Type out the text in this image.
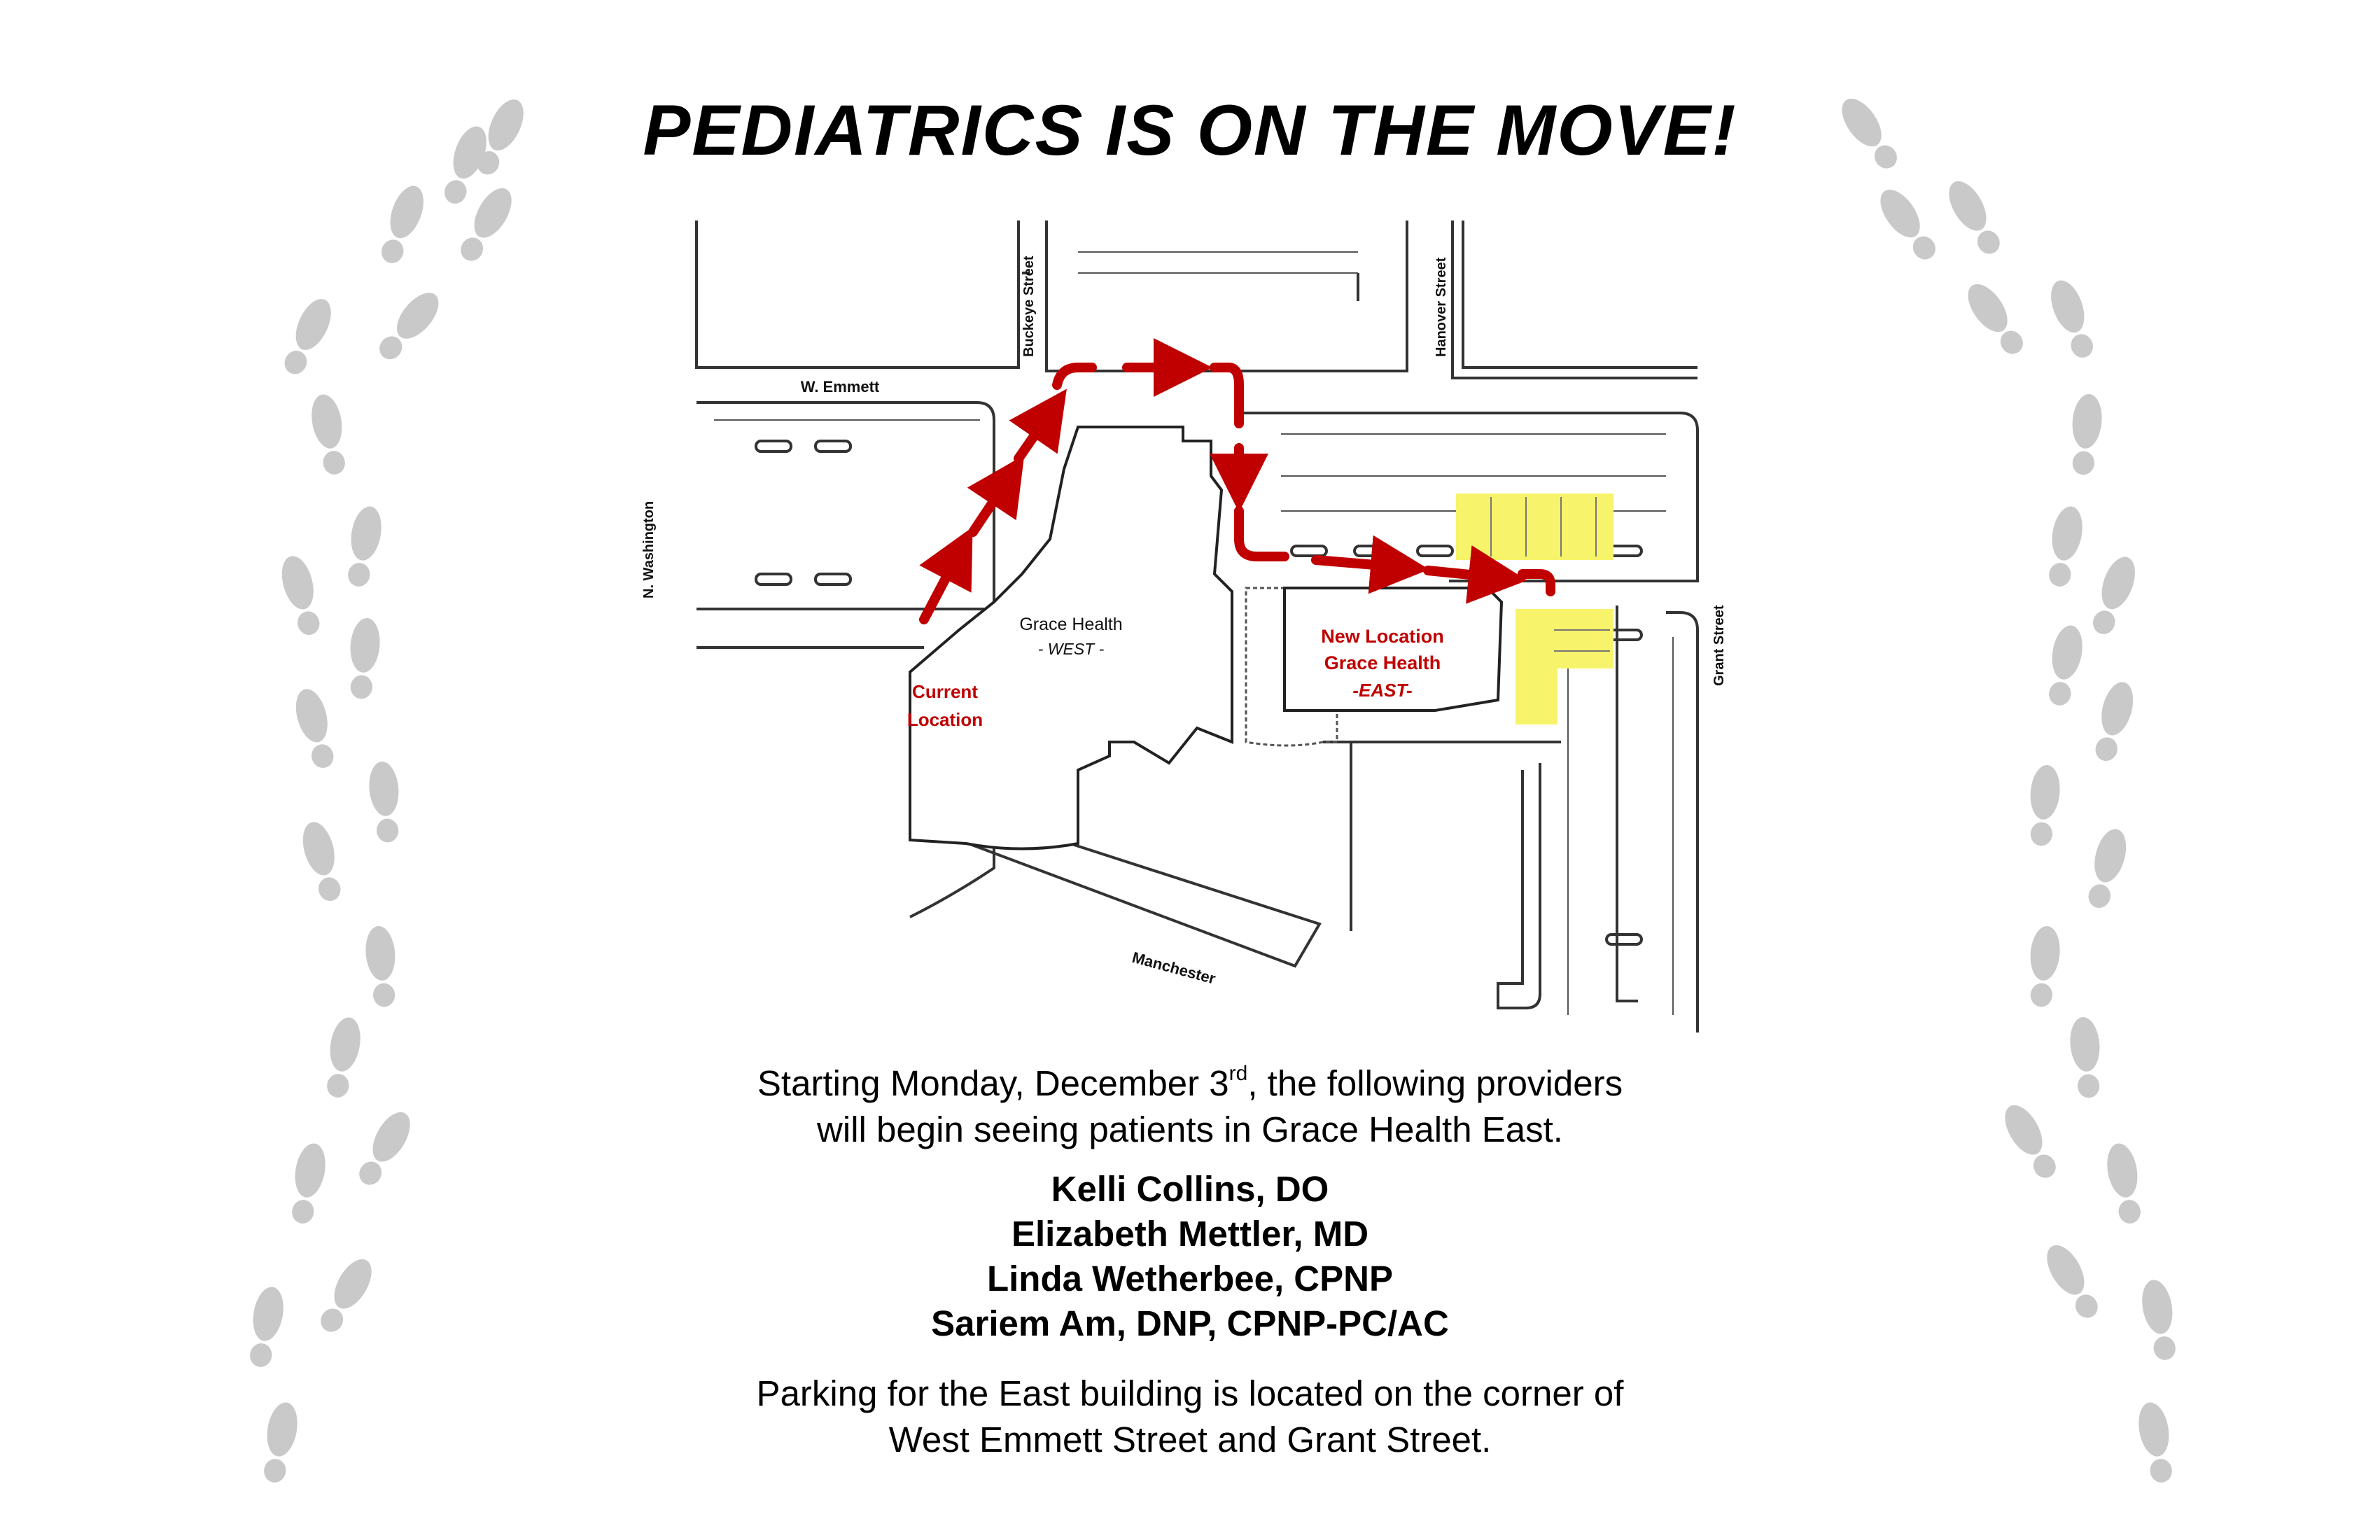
PEDIATRICS IS ON THE MOVE!
W. Emmett
Buckeye Street	Hanover Street
N. Washington
Grant Street
Manchester
Grace Health
- WEST -
Current
Location
New Location
Grace Health
-EAST-
Starting Monday, December 3rd, the following providers
will begin seeing patients in Grace Health East.
Kelli Collins, DO
Elizabeth Mettler, MD
Linda Wetherbee, CPNP
Sariem Am, DNP, CPNP-PC/AC
Parking for the East building is located on the corner of
West Emmett Street and Grant Street.
